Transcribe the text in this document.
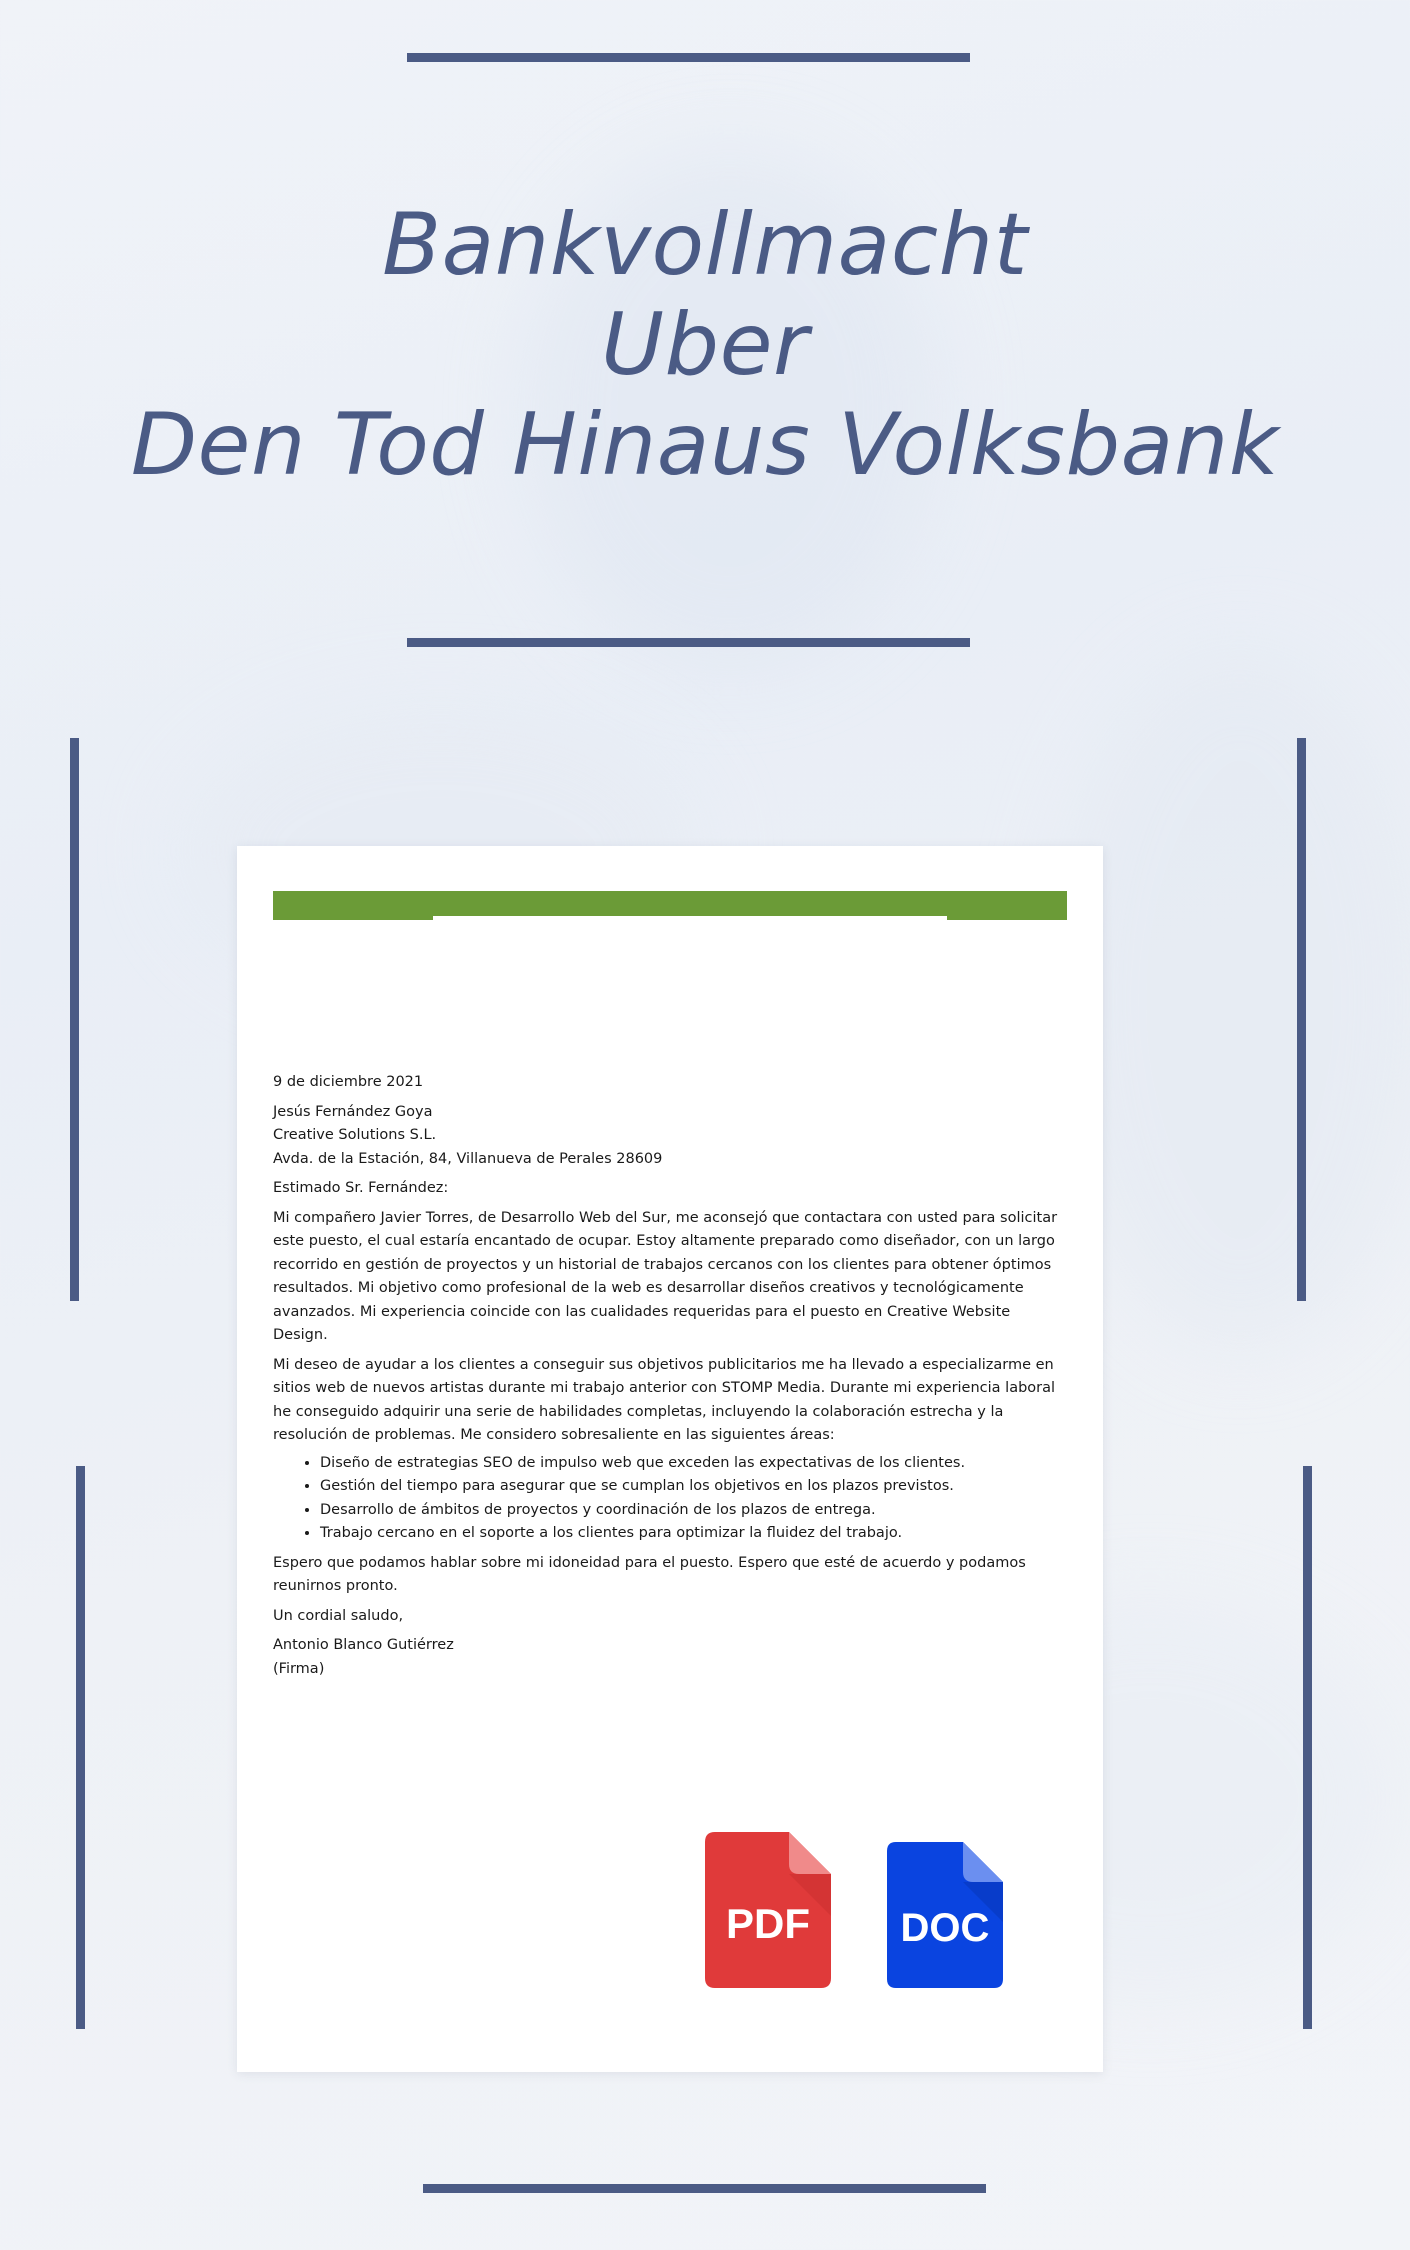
Bankvollmacht
Uber
Den Tod Hinaus Volksbank

9 de diciembre 2021

Jesús Fernández Goya

Creative Solutions S.L.

Avda. de la Estación, 84, Villanueva de Perales 28609

Estimado Sr. Fernández:

Mi compañero Javier Torres, de Desarrollo Web del Sur, me aconsejó que contactara con usted para solicitar este puesto, el cual estaría encantado de ocupar. Estoy altamente preparado como diseñador, con un largo recorrido en gestión de proyectos y un historial de trabajos cercanos con los clientes para obtener óptimos resultados. Mi objetivo como profesional de la web es desarrollar diseños creativos y tecnológicamente avanzados. Mi experiencia coincide con las cualidades requeridas para el puesto en Creative Website Design.

Mi deseo de ayudar a los clientes a conseguir sus objetivos publicitarios me ha llevado a especializarme en sitios web de nuevos artistas durante mi trabajo anterior con STOMP Media. Durante mi experiencia laboral he conseguido adquirir una serie de habilidades completas, incluyendo la colaboración estrecha y la resolución de problemas. Me considero sobresaliente en las siguientes áreas:

• Diseño de estrategias SEO de impulso web que exceden las expectativas de los clientes.
• Gestión del tiempo para asegurar que se cumplan los objetivos en los plazos previstos.
• Desarrollo de ámbitos de proyectos y coordinación de los plazos de entrega.
• Trabajo cercano en el soporte a los clientes para optimizar la fluidez del trabajo.

Espero que podamos hablar sobre mi idoneidad para el puesto. Espero que esté de acuerdo y podamos reunirnos pronto.

Un cordial saludo,

Antonio Blanco Gutiérrez

(Firma)

PDF	DOC
